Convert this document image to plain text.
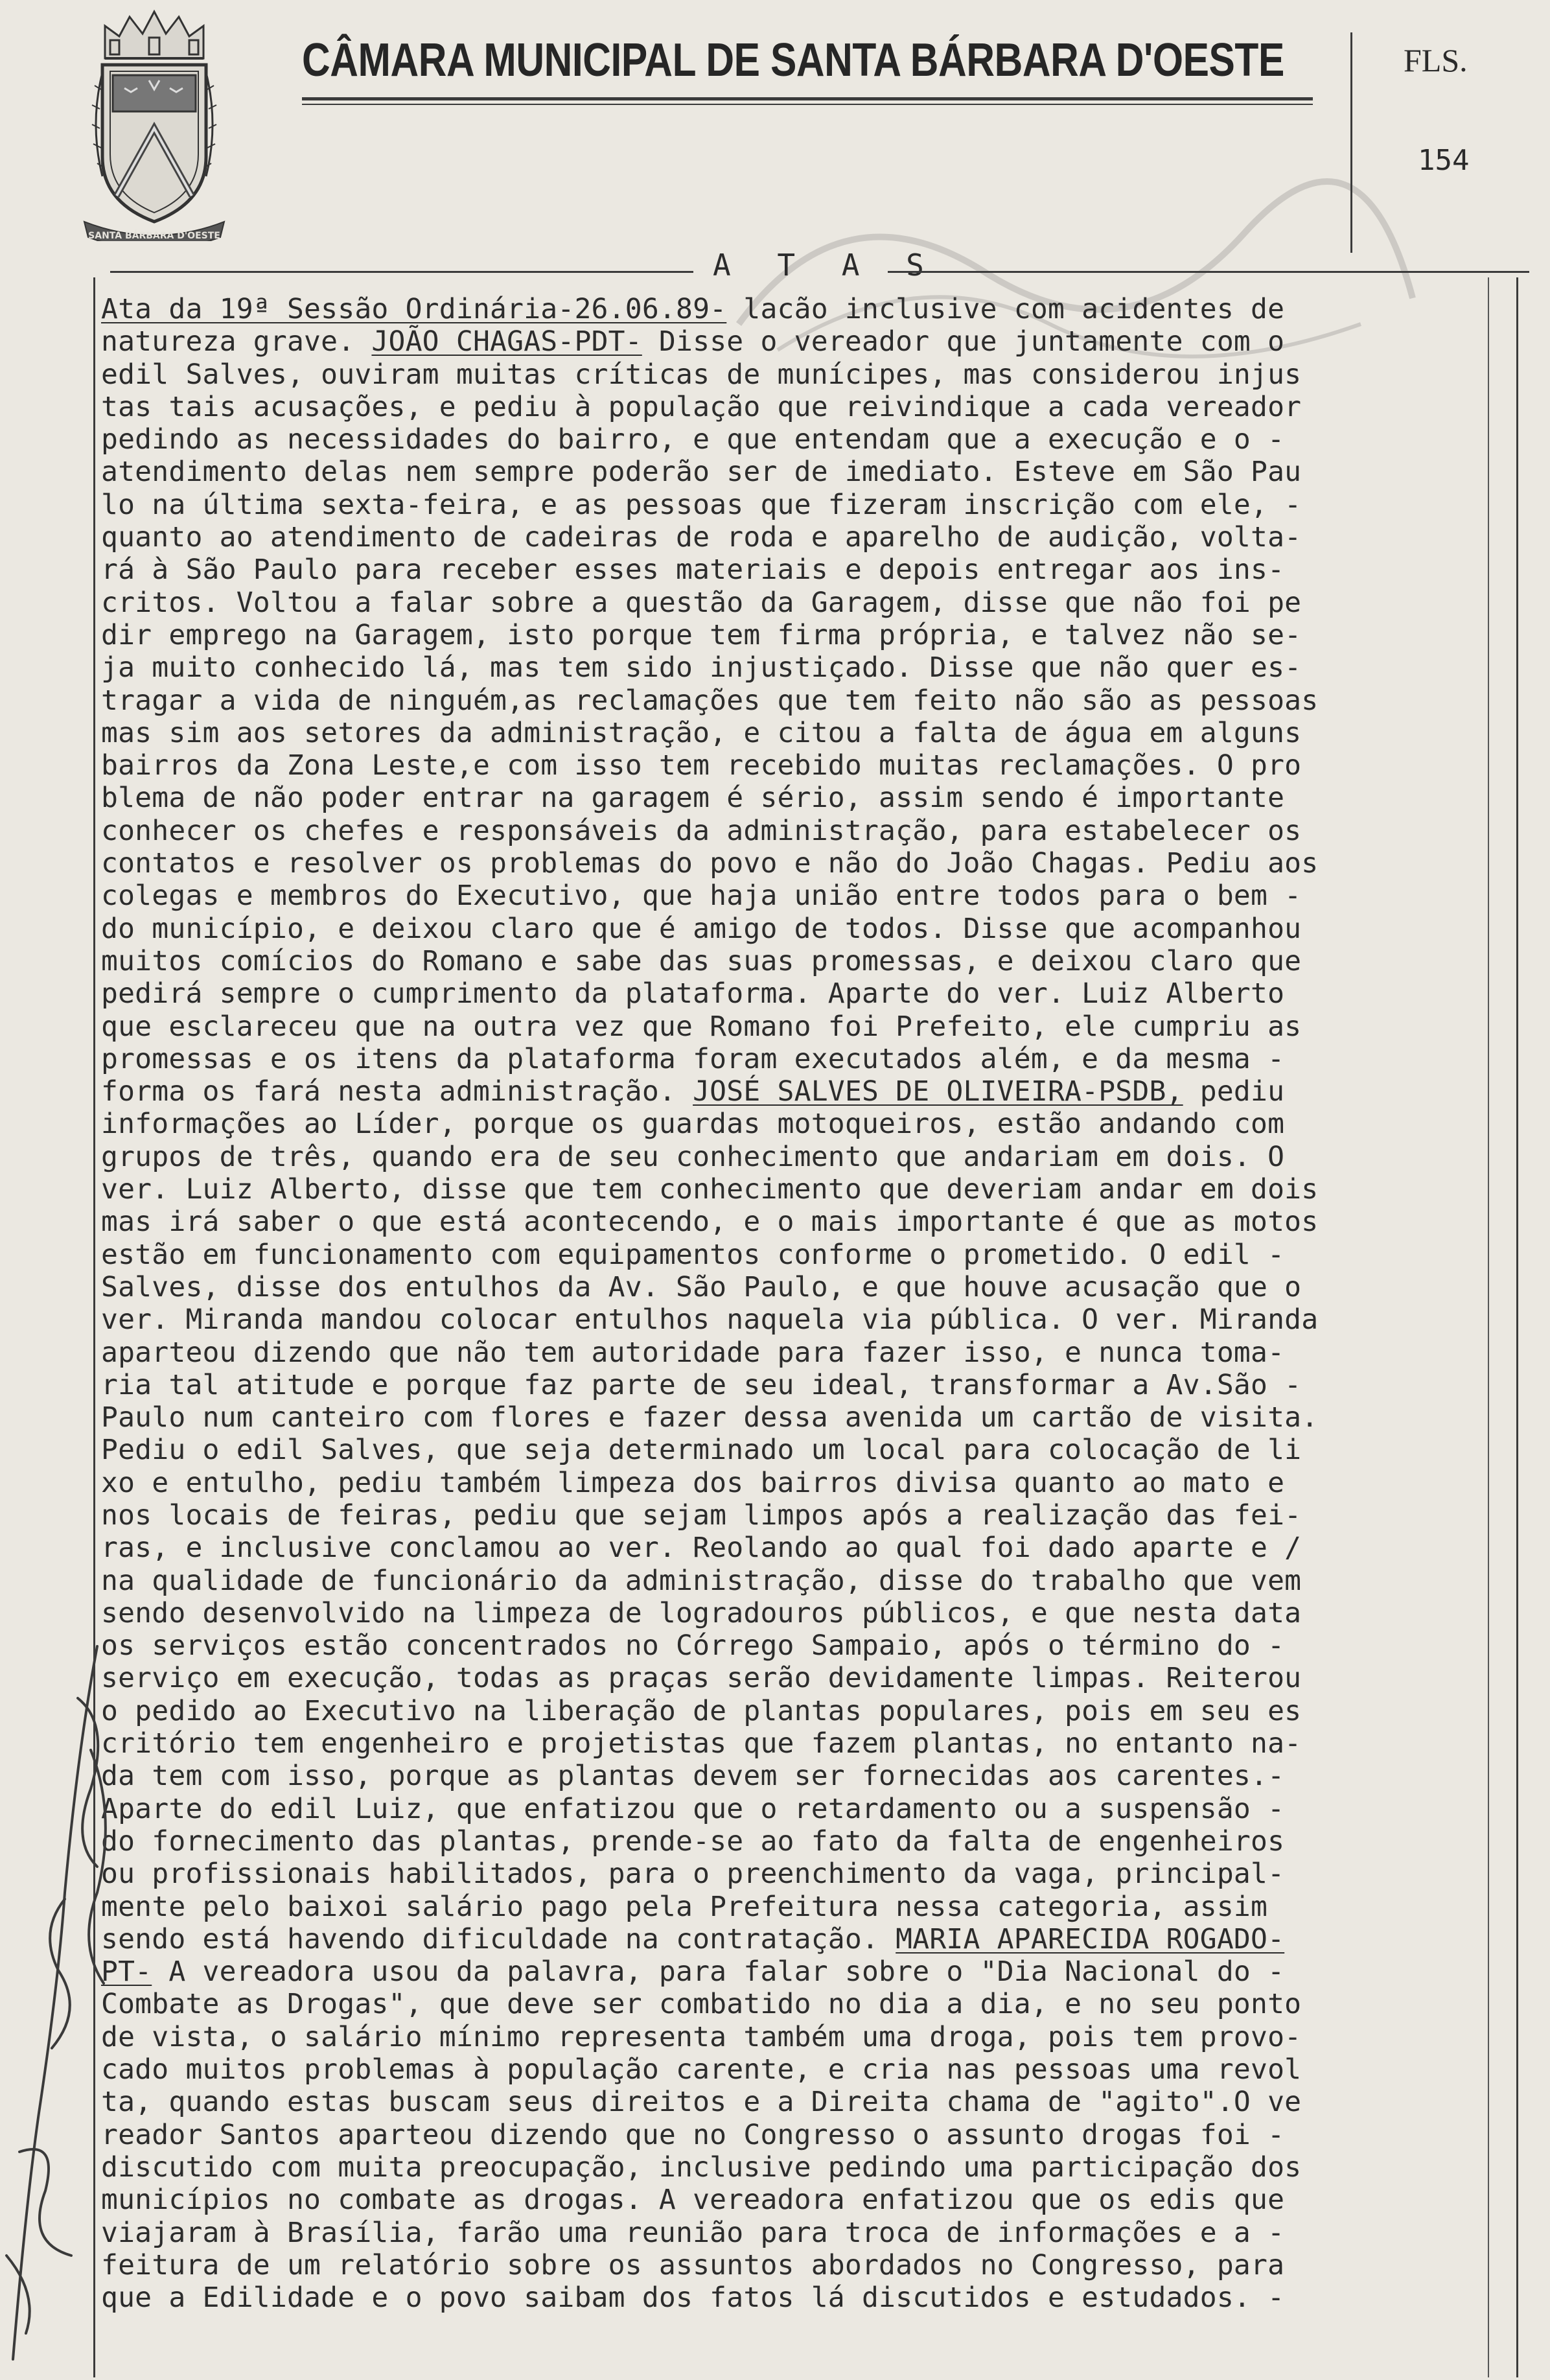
SANTA BÁRBARA D'OESTE
CÂMARA MUNICIPAL DE SANTA BÁRBARA D'OESTE	FLS.
154
A T A S
Ata da 19ª Sessão Ordinária-26.06.89- lacão inclusive com acidentes de
natureza grave. JOÃO CHAGAS-PDT- Disse o vereador que juntamente com o
edil Salves, ouviram muitas críticas de munícipes, mas considerou injus
tas tais acusações, e pediu à população que reivindique a cada vereador
pedindo as necessidades do bairro, e que entendam que a execução e o -
atendimento delas nem sempre poderão ser de imediato. Esteve em São Pau
lo na última sexta-feira, e as pessoas que fizeram inscrição com ele, -
quanto ao atendimento de cadeiras de roda e aparelho de audição, volta-
rá à São Paulo para receber esses materiais e depois entregar aos ins-
critos. Voltou a falar sobre a questão da Garagem, disse que não foi pe
dir emprego na Garagem, isto porque tem firma própria, e talvez não se-
ja muito conhecido lá, mas tem sido injustiçado. Disse que não quer es-
tragar a vida de ninguém,as reclamações que tem feito não são as pessoas
mas sim aos setores da administração, e citou a falta de água em alguns
bairros da Zona Leste,e com isso tem recebido muitas reclamações. O pro
blema de não poder entrar na garagem é sério, assim sendo é importante
conhecer os chefes e responsáveis da administração, para estabelecer os
contatos e resolver os problemas do povo e não do João Chagas. Pediu aos
colegas e membros do Executivo, que haja união entre todos para o bem -
do município, e deixou claro que é amigo de todos. Disse que acompanhou
muitos comícios do Romano e sabe das suas promessas, e deixou claro que
pedirá sempre o cumprimento da plataforma. Aparte do ver. Luiz Alberto
que esclareceu que na outra vez que Romano foi Prefeito, ele cumpriu as
promessas e os itens da plataforma foram executados além, e da mesma -
forma os fará nesta administração. JOSÉ SALVES DE OLIVEIRA-PSDB, pediu
informações ao Líder, porque os guardas motoqueiros, estão andando com
grupos de três, quando era de seu conhecimento que andariam em dois. O
ver. Luiz Alberto, disse que tem conhecimento que deveriam andar em dois
mas irá saber o que está acontecendo, e o mais importante é que as motos
estão em funcionamento com equipamentos conforme o prometido. O edil -
Salves, disse dos entulhos da Av. São Paulo, e que houve acusação que o
ver. Miranda mandou colocar entulhos naquela via pública. O ver. Miranda
aparteou dizendo que não tem autoridade para fazer isso, e nunca toma-
ria tal atitude e porque faz parte de seu ideal, transformar a Av.São -
Paulo num canteiro com flores e fazer dessa avenida um cartão de visita.
Pediu o edil Salves, que seja determinado um local para colocação de li
xo e entulho, pediu também limpeza dos bairros divisa quanto ao mato e
nos locais de feiras, pediu que sejam limpos após a realização das fei-
ras, e inclusive conclamou ao ver. Reolando ao qual foi dado aparte e /
na qualidade de funcionário da administração, disse do trabalho que vem
sendo desenvolvido na limpeza de logradouros públicos, e que nesta data
os serviços estão concentrados no Córrego Sampaio, após o término do -
serviço em execução, todas as praças serão devidamente limpas. Reiterou
o pedido ao Executivo na liberação de plantas populares, pois em seu es
critório tem engenheiro e projetistas que fazem plantas, no entanto na-
da tem com isso, porque as plantas devem ser fornecidas aos carentes.-
Aparte do edil Luiz, que enfatizou que o retardamento ou a suspensão -
do fornecimento das plantas, prende-se ao fato da falta de engenheiros
ou profissionais habilitados, para o preenchimento da vaga, principal-
mente pelo baixoi salário pago pela Prefeitura nessa categoria, assim
sendo está havendo dificuldade na contratação. MARIA APARECIDA ROGADO-
PT- A vereadora usou da palavra, para falar sobre o "Dia Nacional do -
Combate as Drogas", que deve ser combatido no dia a dia, e no seu ponto
de vista, o salário mínimo representa também uma droga, pois tem provo-
cado muitos problemas à população carente, e cria nas pessoas uma revol
ta, quando estas buscam seus direitos e a Direita chama de "agito".O ve
reador Santos aparteou dizendo que no Congresso o assunto drogas foi -
discutido com muita preocupação, inclusive pedindo uma participação dos
municípios no combate as drogas. A vereadora enfatizou que os edis que
viajaram à Brasília, farão uma reunião para troca de informações e a -
feitura de um relatório sobre os assuntos abordados no Congresso, para
que a Edilidade e o povo saibam dos fatos lá discutidos e estudados. -
